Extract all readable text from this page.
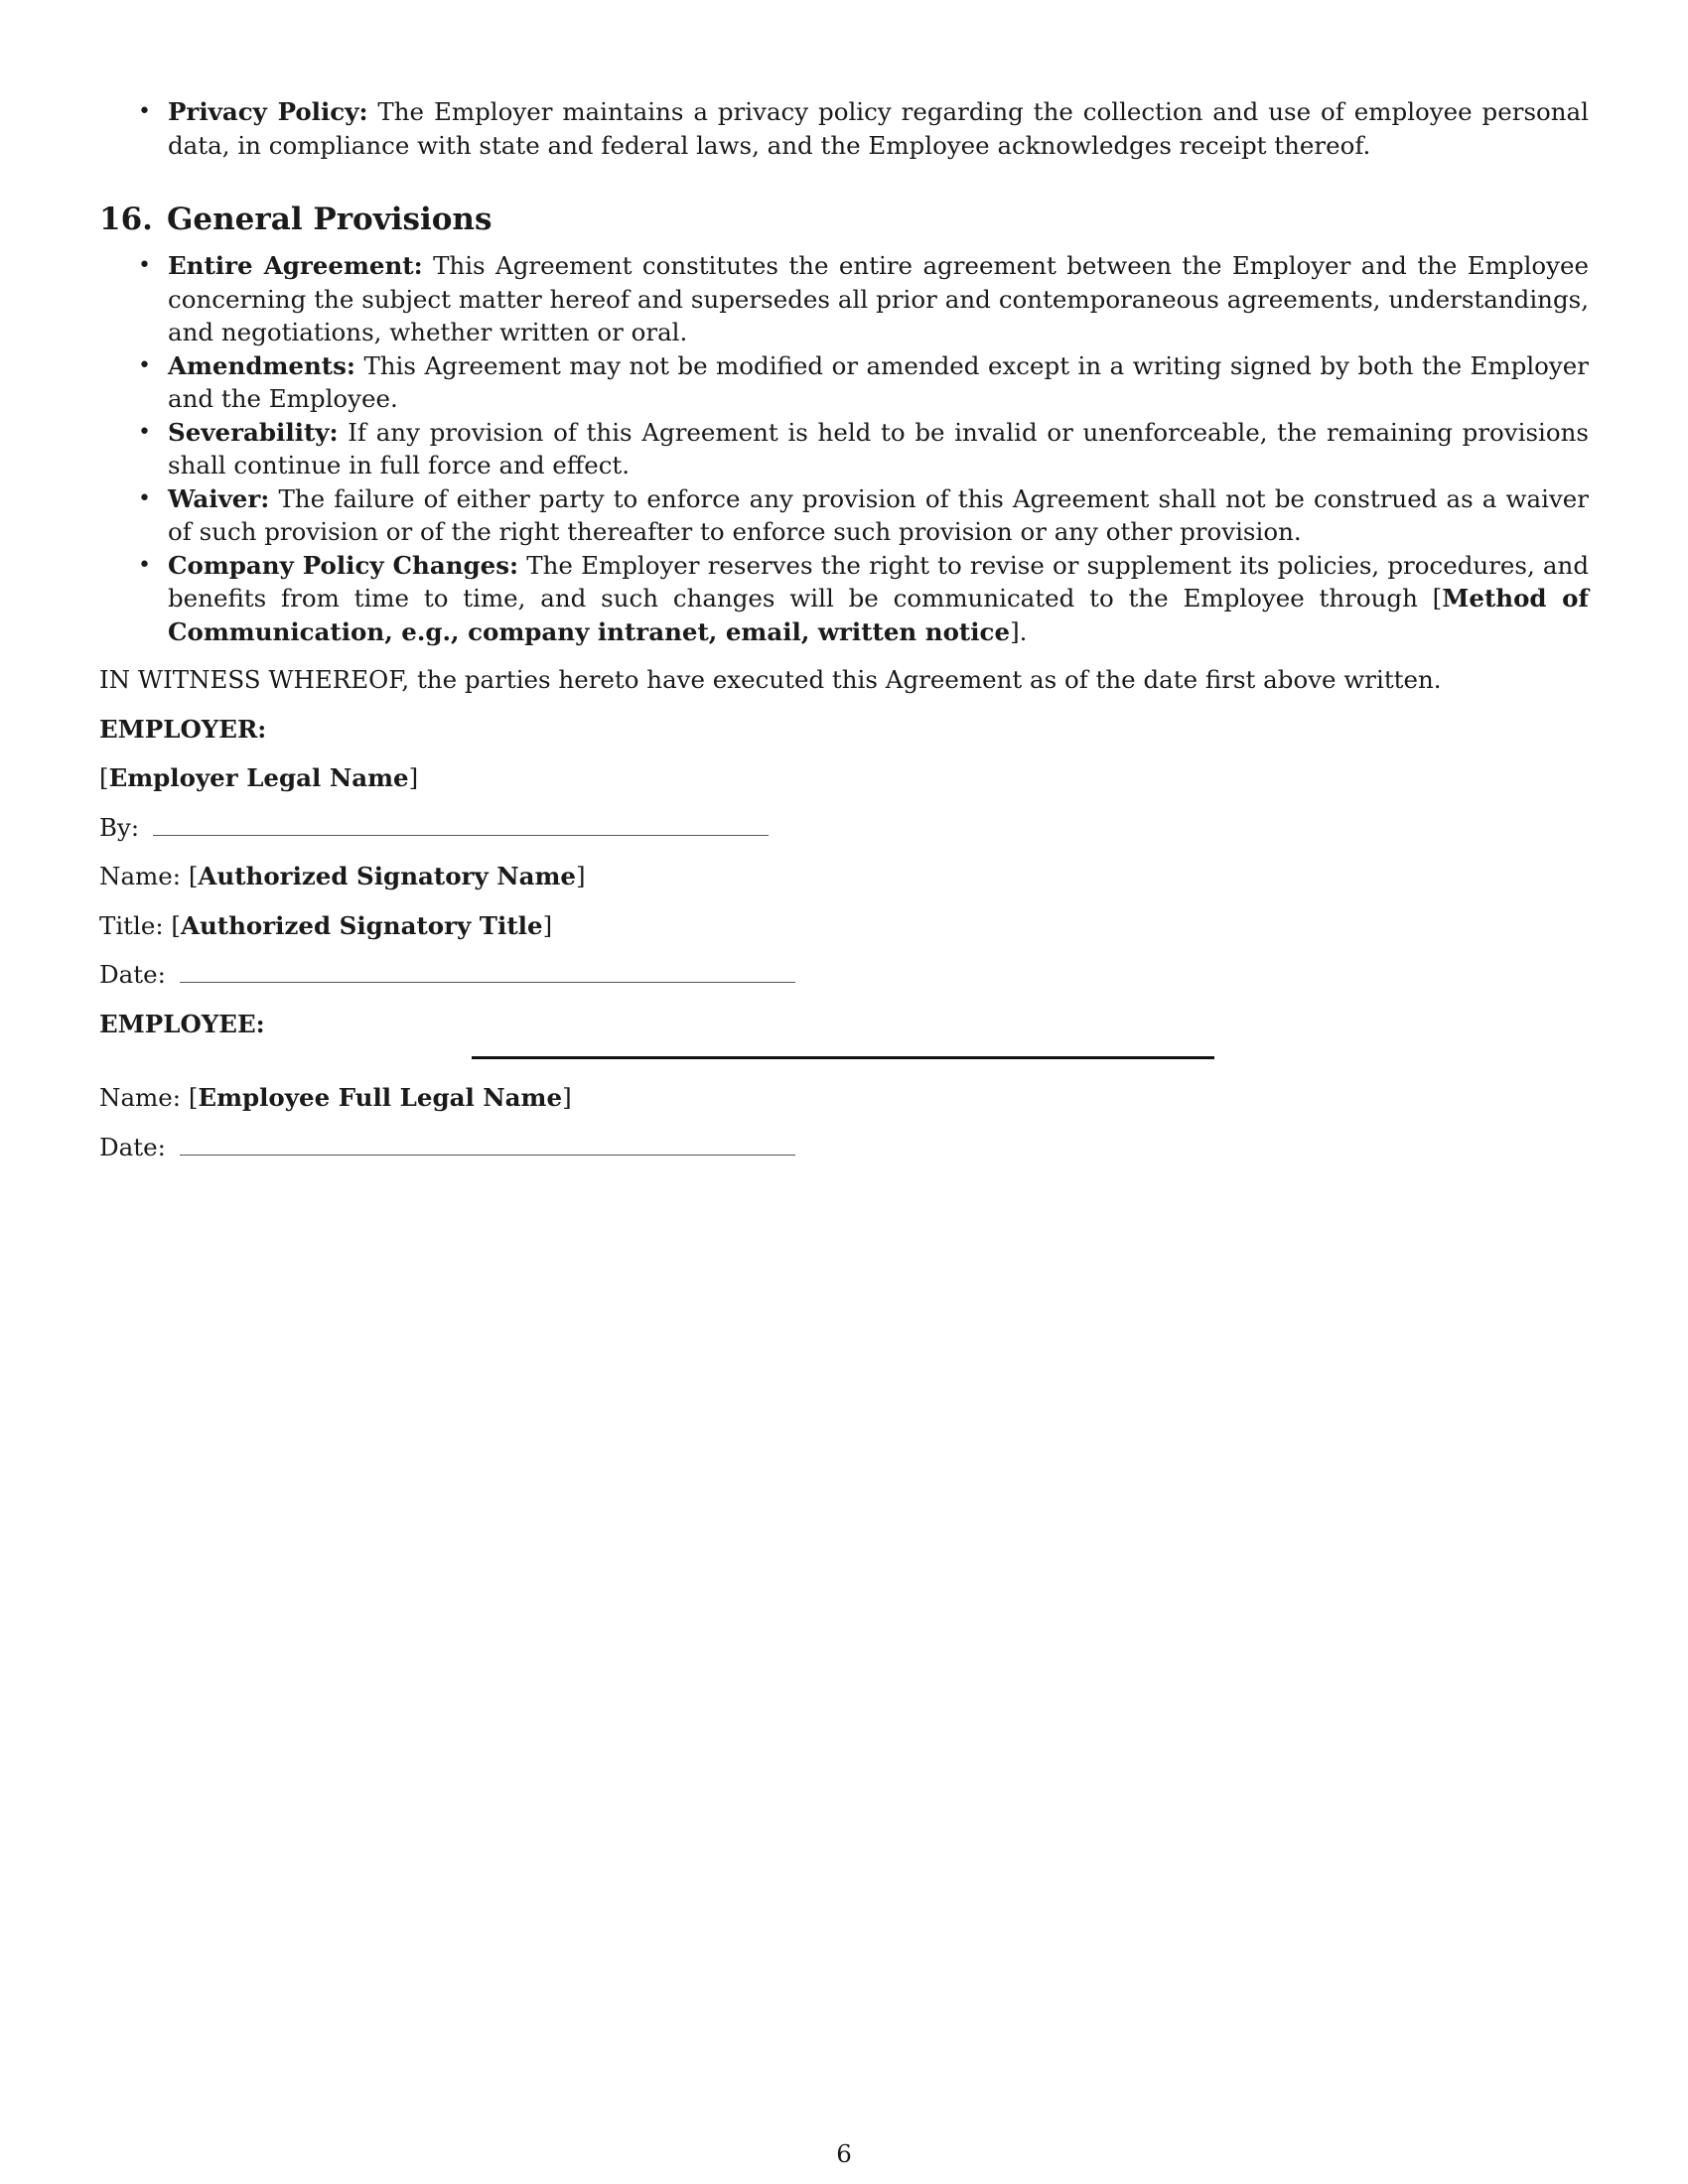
• Privacy Policy: The Employer maintains a privacy policy regarding the collection and use of employee personal data, in compliance with state and federal laws, and the Employee acknowledges receipt thereof.
16. General Provisions
• Entire Agreement: This Agreement constitutes the entire agreement between the Employer and the Employee concerning the subject matter hereof and supersedes all prior and contemporaneous agreements, understandings, and negotiations, whether written or oral.
• Amendments: This Agreement may not be modified or amended except in a writing signed by both the Employer and the Employee.
• Severability: If any provision of this Agreement is held to be invalid or unenforceable, the remaining provisions shall continue in full force and effect.
• Waiver: The failure of either party to enforce any provision of this Agreement shall not be construed as a waiver of such provision or of the right thereafter to enforce such provision or any other provision.
• Company Policy Changes: The Employer reserves the right to revise or supplement its policies, procedures, and benefits from time to time, and such changes will be communicated to the Employee through [Method of Communication, e.g., company intranet, email, written notice].
IN WITNESS WHEREOF, the parties hereto have executed this Agreement as of the date first above written.
EMPLOYER:
[Employer Legal Name]
By:
Name: [Authorized Signatory Name]
Title: [Authorized Signatory Title]
Date:
EMPLOYEE:
Name: [Employee Full Legal Name]
Date:
6
